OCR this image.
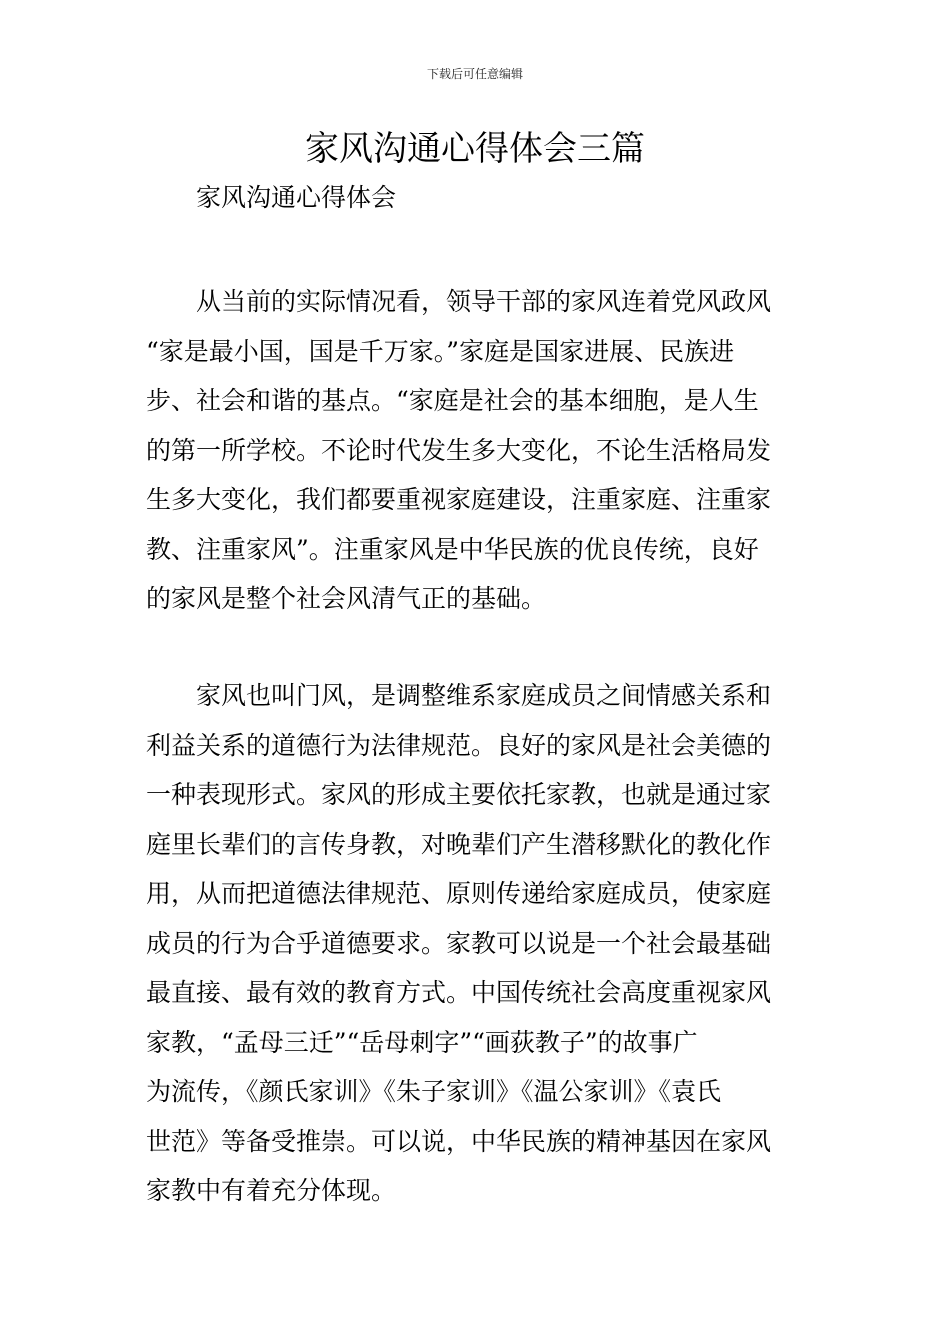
下载后可任意编辑
家风沟通心得体会三篇
家风沟通心得体会
从当前的实际情况看，领导干部的家风连着党风政风
“家是最小国，国是千万家。”家庭是国家进展、民族进
步、社会和谐的基点。“家庭是社会的基本细胞，是人生
的第一所学校。不论时代发生多大变化，不论生活格局发
生多大变化，我们都要重视家庭建设，注重家庭、注重家
教、注重家风”。注重家风是中华民族的优良传统，良好
的家风是整个社会风清气正的基础。
家风也叫门风，是调整维系家庭成员之间情感关系和
利益关系的道德行为法律规范。良好的家风是社会美德的
一种表现形式。家风的形成主要依托家教，也就是通过家
庭里长辈们的言传身教，对晚辈们产生潜移默化的教化作
用，从而把道德法律规范、原则传递给家庭成员，使家庭
成员的行为合乎道德要求。家教可以说是一个社会最基础
最直接、最有效的教育方式。中国传统社会高度重视家风
家教，“孟母三迁”“岳母刺字”“画荻教子”的故事广
为流传，《颜氏家训》《朱子家训》《温公家训》《袁氏
世范》等备受推崇。可以说，中华民族的精神基因在家风
家教中有着充分体现。
